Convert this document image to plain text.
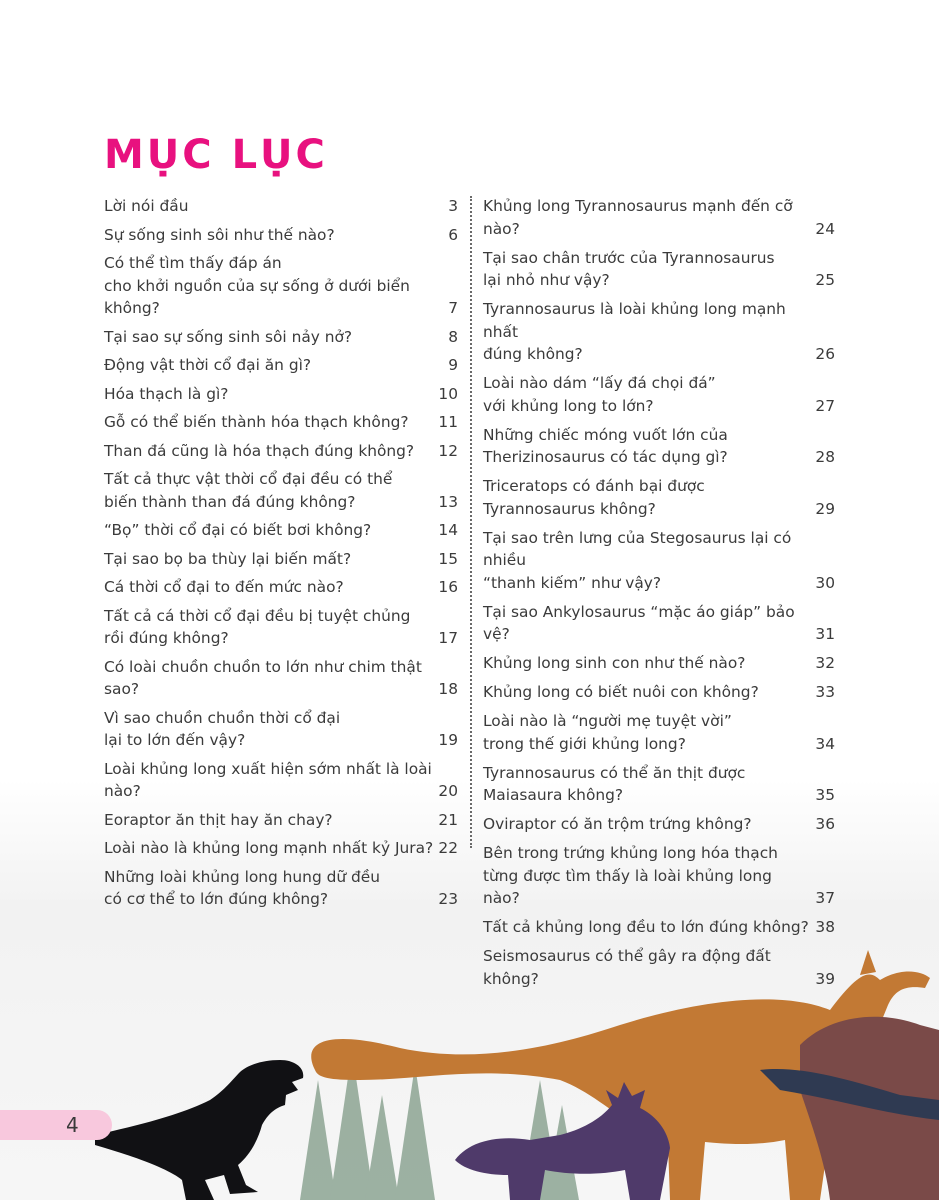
MỤC LỤC
Lời nói đầu	3
Sự sống sinh sôi như thế nào?	6
Có thể tìm thấy đáp án
cho khởi nguồn của sự sống ở dưới biển không?	7
Tại sao sự sống sinh sôi nảy nở?	8
Động vật thời cổ đại ăn gì?	9
Hóa thạch là gì?	10
Gỗ có thể biến thành hóa thạch không?	11
Than đá cũng là hóa thạch đúng không?	12
Tất cả thực vật thời cổ đại đều có thể
biến thành than đá đúng không?	13
“Bọ” thời cổ đại có biết bơi không?	14
Tại sao bọ ba thùy lại biến mất?	15
Cá thời cổ đại to đến mức nào?	16
Tất cả cá thời cổ đại đều bị tuyệt chủng
rồi đúng không?	17
Có loài chuồn chuồn to lớn như chim thật sao?	18
Vì sao chuồn chuồn thời cổ đại
lại to lớn đến vậy?	19
Loài khủng long xuất hiện sớm nhất là loài nào?	20
Eoraptor ăn thịt hay ăn chay?	21
Loài nào là khủng long mạnh nhất kỷ Jura? 22
Những loài khủng long hung dữ đều
có cơ thể to lớn đúng không?	23
Khủng long Tyrannosaurus mạnh đến cỡ nào?	24
Tại sao chân trước của Tyrannosaurus
lại nhỏ như vậy?	25
Tyrannosaurus là loài khủng long mạnh nhất
đúng không?	26
Loài nào dám “lấy đá chọi đá”
với khủng long to lớn?	27
Những chiếc móng vuốt lớn của
Therizinosaurus có tác dụng gì?	28
Triceratops có đánh bại được
Tyrannosaurus không?	29
Tại sao trên lưng của Stegosaurus lại có nhiều
“thanh kiếm” như vậy?	30
Tại sao Ankylosaurus “mặc áo giáp” bảo vệ?	31
Khủng long sinh con như thế nào?	32
Khủng long có biết nuôi con không?	33
Loài nào là “người mẹ tuyệt vời”
trong thế giới khủng long?	34
Tyrannosaurus có thể ăn thịt được
Maiasaura không?	35
Oviraptor có ăn trộm trứng không?	36
Bên trong trứng khủng long hóa thạch
từng được tìm thấy là loài khủng long nào?	37
Tất cả khủng long đều to lớn đúng không? 38
Seismosaurus có thể gây ra động đất không?	39
4
